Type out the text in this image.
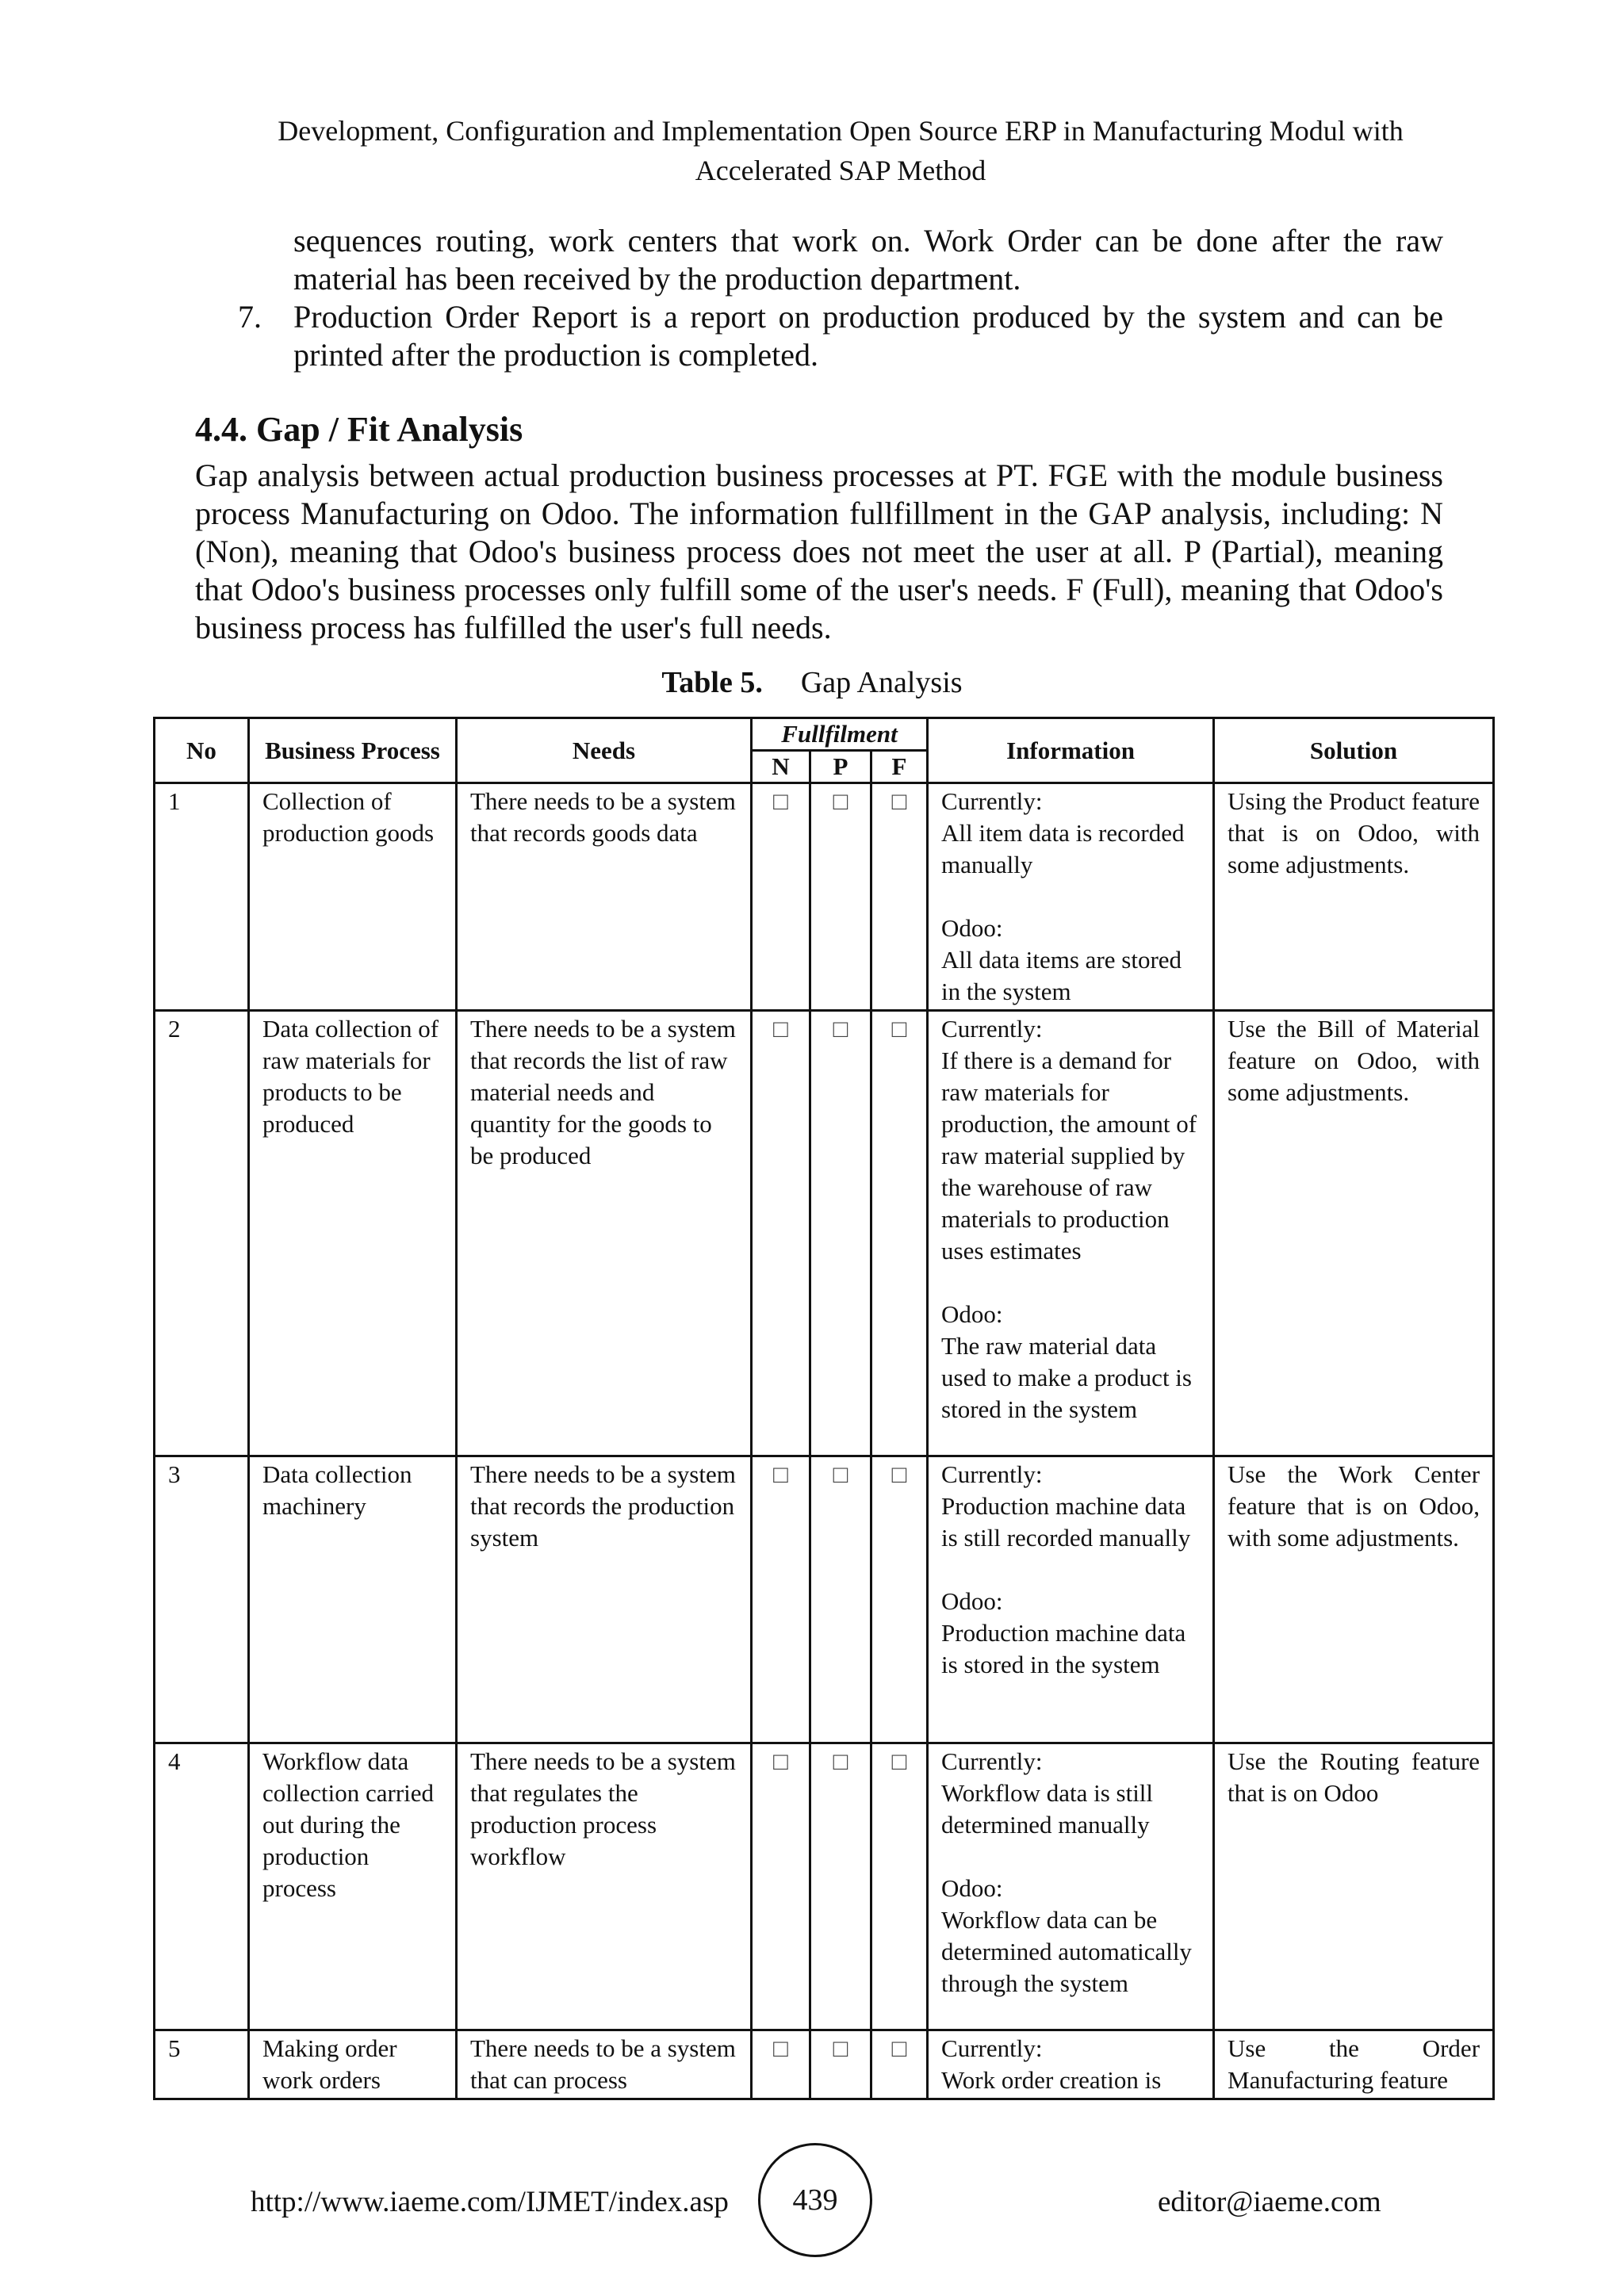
Development, Configuration and Implementation Open Source ERP in Manufacturing Modul with
Accelerated SAP Method
sequences routing, work centers that work on. Work Order can be done after the raw material has been received by the production department.
7.	Production Order Report is a report on production produced by the system and can be printed after the production is completed.
4.4. Gap / Fit Analysis
Gap analysis between actual production business processes at PT. FGE with the module business process Manufacturing on Odoo. The information fullfillment in the GAP analysis, including: N (Non), meaning that Odoo's business process does not meet the user at all. P (Partial), meaning that Odoo's business processes only fulfill some of the user's needs. F (Full), meaning that Odoo's business process has fulfilled the user's full needs.
Table 5. Gap Analysis
No	Business Process	Needs	Fullfilment			Information	Solution
			N	P	F		
1	Collection of production goods	There needs to be a system that records goods data	□	□	□	Currently:
All item data is recorded manually
Odoo:
All data items are stored in the system	Using the Product feature that is on Odoo, with some adjustments.
2	Data collection of raw materials for products to be produced	There needs to be a system that records the list of raw material needs and quantity for the goods to be produced	□	□	□	Currently:
If there is a demand for raw materials for production, the amount of raw material supplied by the warehouse of raw materials to production uses estimates
Odoo:
The raw material data used to make a product is stored in the system	Use the Bill of Material feature on Odoo, with some adjustments.
3	Data collection machinery	There needs to be a system that records the production system	□	□	□	Currently:
Production machine data is still recorded manually
Odoo:
Production machine data is stored in the system	Use the Work Center feature that is on Odoo, with some adjustments.
4	Workflow data collection carried out during the production process	There needs to be a system that regulates the production process workflow	□	□	□	Currently:
Workflow data is still determined manually
Odoo:
Workflow data can be determined automatically through the system	Use the Routing feature that is on Odoo
5	Making order work orders	There needs to be a system that can process	□	□	□	Currently:
Work order creation is	Use the Order Manufacturing feature
http://www.iaeme.com/IJMET/index.asp 439	editor@iaeme.com
